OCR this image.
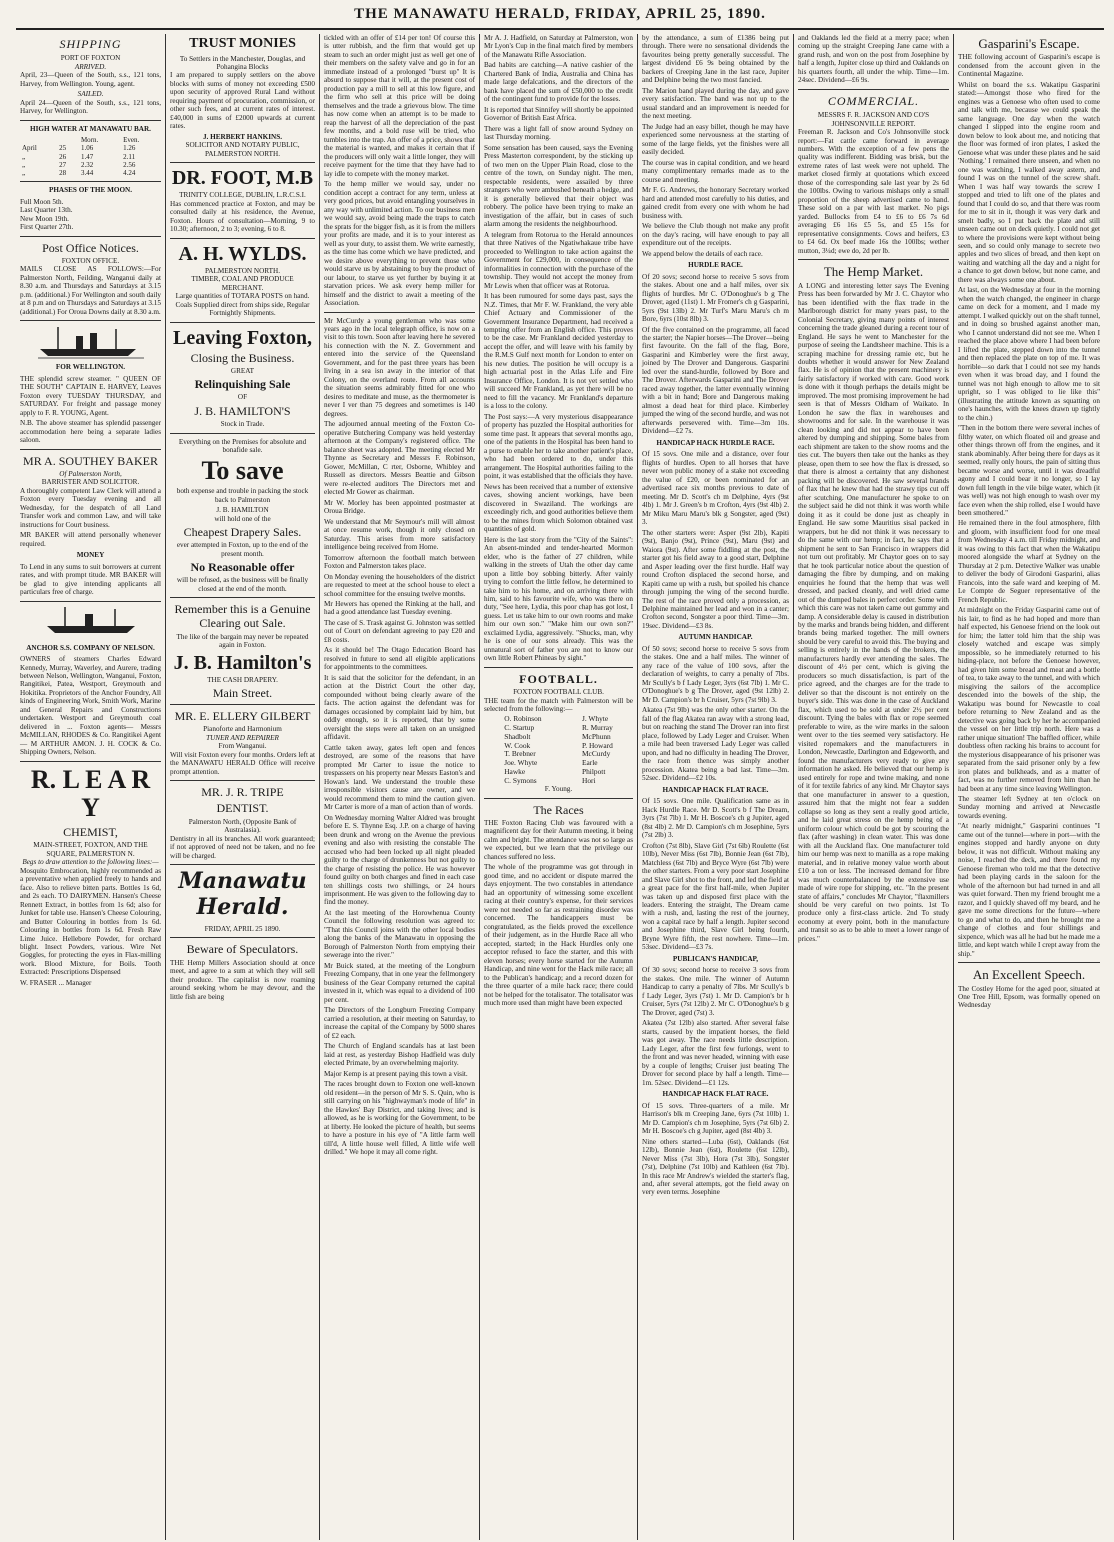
THE MANAWATU HERALD, FRIDAY, APRIL 25, 1890.
SHIPPING
PORT OF FOXTON
ARRIVED.

April, 23—Queen of the South, s.s., 121 tons, Harvey, from Wellington. Young, agent.

SAILED.

April 24—Queen of the South, s.s., 121 tons, Harvey, for Wellington.

HIGH WATER AT MANAWATU BAR.
		Morn.	Even.
April	25	1.06	1.26
„	26	1.47	2.11
„	27	2.32	2.56
„	28	3.44	4.24
PHASES OF THE MOON.
Full Moon 5th.
Last Quarter 13th.
New Moon 19th.
First Quarter 27th.
Post Office Notices.
FOXTON OFFICE.

MAILS CLOSE AS FOLLOWS:—For Palmerston North, Feilding, Wanganui daily at 8.30 a.m. and Thursdays and Saturdays at 3.15 p.m. (additional.) For Wellington and south daily at 8 p.m and on Thursdays and Saturdays at 3.15 (additional.) For Oroua Downs daily at 8.30 a.m.

FOR WELLINGTON.

THE splendid screw steamer. " QUEEN OF THE SOUTH" CAPTAIN E. HARVEY, Leaves Foxton every TUESDAY THURSDAY, and SATURDAY. For freight and passage money apply to F. R. YOUNG, Agent.

N.B. The above steamer has splendid passenger accommodation here being a separate ladies saloon.

MR A. SOUTHEY BAKER
Of Palmerston North,
BARRISTER AND SOLICITOR.

A thoroughly competent Law Clerk will attend a Foxton every Tuesday evening and all Wednesday, for the despatch of all Land Transfer work and common Law, and will take instructions for Court business.

MR BAKER will attend personally whenever required.

MONEY

To Lend in any sums to suit borrowers at current rates, and with prompt titude. MR BAKER will be glad to give intending applicants all particulars free of charge.

ANCHOR S.S. COMPANY OF NELSON.

OWNERS of steamers Charles Edward Kennedy, Murray, Waverley, and Aurere, trading between Nelson, Wellington, Wanganui, Foxton, Rangitikei, Patea, Westport, Greymouth and Hokitika. Proprietors of the Anchor Foundry, All kinds of Engineering Work, Smith Work, Marine and General Repairs and Constructions undertaken. Westport and Greymouth coal delivered in ... Foxton agents— Messrs McMILLAN, RHODES & Co. Rangitikei Agent— M ARTHUR AMON. J. H. COCK & Co. Shipping Owners, Nelson.

R. L E A R Y
CHEMIST,
MAIN-STREET, FOXTON, AND THE SQUARE, PALMERSTON N.
Begs to draw attention to the following lines:—

Mosquito Embrocation, highly recommended as a preventative when applied freely to hands and face. Also to relieve bitten parts. Bottles 1s 6d, and 2s each. TO DAIRYMEN. Hansen's Cheese Rennett Extract, in bottles from 1s 6d; also for Junket for table use. Hansen's Cheese Colouring, and Butter Colouring in bottles from 1s 6d. Colouring in bottles from 1s 6d. Fresh Raw Lime Juice. Hellebore Powder, for orchard blight. Insect Powders, various. Wire Net Goggles, for protecting the eyes in Flax-milling work. Blood Mixture, for Boils. Tooth Extracted: Prescriptions Dispensed

W. FRASER ... Manager
TRUST MONIES
To Settlers in the Manchester, Douglas, and Pohangina Blocks

I am prepared to supply settlers on the above blocks with sums of money not exceeding £500 upon security of approved Rural Land without requiring payment of procuration, commission, or other such fees, and at current rates of interest. £40,000 in sums of £2000 upwards at current rates.

J. HERBERT HANKINS.
SOLICITOR AND NOTARY PUBLIC, PALMERSTON NORTH.
DR. FOOT, M.B
TRINITY COLLEGE, DUBLIN, L.R.C.S.I.

Has commenced practice at Foxton, and may be consulted daily at his residence, the Avenue, Foxton. Hours of consultation—Morning, 9 to 10.30; afternoon, 2 to 3; evening, 6 to 8.

A. H. WYLDS.
PALMERSTON NORTH.
TIMBER, COAL AND PRODUCE MERCHANT.

Large quantities of TOTARA POSTS on hand. Coals Supplied direct from ships side, Regular Fortnightly Shipments.

Leaving Foxton,
Closing the Business.
GREAT
Relinquishing Sale
OF
J. B. HAMILTON'S
Stock in Trade.

Everything on the Premises for absolute and bonafide sale.

To save

both expense and trouble in packing the stock back to Palmerston

J. B. HAMILTON
will hold one of the
Cheapest Drapery Sales.

ever attempted in Foxton, up to the end of the present month.

No Reasonable offer

will be refused, as the business will be finally closed at the end of the month.

Remember this is a Genuine Clearing out Sale.

The like of the bargain may never be repeated again in Foxton.

J. B. Hamilton's
THE CASH DRAPERY.
Main Street.
MR. E. ELLERY GILBERT
Pianoforte and Harmonium
TUNER AND REPAIRER
From Wanganui.

Will visit Foxton every four months. Orders left at the MANAWATU HERALD Office will receive prompt attention.

MR. J. R. TRIPE
DENTIST.
Palmerston North, (Opposite Bank of Australasia).

Dentistry in all its branches. All work guaranteed; if not approved of need not be taken, and no fee will be charged.

Manawatu Herald.
FRIDAY, APRIL 25 1890.
Beware of Speculators.

THE Hemp Millers Association should at once meet, and agree to a sum at which they will sell their produce. The capitalist is now roaming around seeking whom he may devour, and the little fish are being

tickled with an offer of £14 per ton! Of course this is utter rubbish, and the firm that would get up steam to such an order might just as well get one of their members on the safety valve and go in for an immediate instead of a prolonged "burst up" It is absurd to suppose that it will, at the present cost of production pay a mill to sell at this low figure, and the firm who sell at this price will be doing themselves and the trade a grievous blow. The time has now come when an attempt is to be made to reap the harvest of all the depreciation of the past few months, and a bold ruse will be tried, who tumbles into the trap. An offer of a price, shows that the material is wanted, and makes it certain that if the producers will only wait a little longer, they will receive payment for the time that they have had to lay idle to compete with the money market.

To the hemp miller we would say, under no condition accept a contract for any term, unless at very good prices, but avoid entangling yourselves in any way with unlimited action. To our business men we would say, avoid being made the traps to catch the sprats for the bigger fish, as it is from the millers your profits are made, and it is to your interest as well as your duty, to assist them. We write earnestly, as the time has come which we have predicted, and we desire above everything to prevent those who would starve us by abstaining to buy the product of our labour, to starve us yet further by buying it at starvation prices. We ask every hemp miller for himself and the district to await a meeting of the Association.

Mr McCurdy a young gentleman who was some years ago in the local telegraph office, is now on a visit to this town. Soon after leaving here he severed his connection with the N. Z. Government and entered into the service of the Queensland Government, and for the past three years has been living in a sea isn away in the interior of that Colony, on the overland route. From all accounts the situation seems admirably fitted for one who desires to meditate and muse, as the thermometer is never I ver than 75 degrees and sometimes is 140 degrees.

The adjourned annual meeting of the Foxton Co-operative Butchering Company was held yesterday afternoon at the Company's registered office. The balance sheet was adopted. The meeting elected Mr Thynne as Secretary and Messrs F. Robinson, Gower, McMillan, C rter, Osborne, Whibley and Russell as directors. Messrs Beattie and Gibson were re-elected auditors The Directors met and elected Mr Gower as chairman.

Mr W. Morley has been appointed postmaster at Oroua Bridge.

We understand that Mr Seymour's mill will almost at once resume work, though it only closed on Saturday. This arises from more satisfactory intelligence being received from Home.

Tomorrow afternoon the football match between Foxton and Palmerston takes place.

On Monday evening the householders of the district are requested to meet at the school house to elect a school committee for the ensuing twelve months.

Mr Hewers has opened the Rinking at the hall, and had a good attendance last Tuesday evening.

The case of S. Trask against G. Johnston was settled out of Court on defendant agreeing to pay £20 and £8 costs.

As it should be! The Otago Education Board has resolved in future to send all eligible applications for appointments to the committees.

It is said that the solicitor for the defendant, in an action at the District Court the other day, compounded without being clearly aware of the facts. The action against the defendant was for damages occasioned by complaint laid by him, but oddly enough, so it is reported, that by some oversight the steps were all taken on an unsigned affidavit.

Cattle taken away, gates left open and fences destroyed, are some of the reasons that have prompted Mr Carter to issue the notice to trespassers on his property near Messrs Easton's and Howan's land. We understand the trouble these irresponsible visitors cause are owner, and we would recommend them to mind the caution given. Mr Carter is more of a man of action than of words.

On Wednesday morning Walter Aldred was brought before E. S. Thynne Esq. J.P. on a charge of having been drunk and wrong on the Avenue the previous evening and also with resisting the constable The accused who had been locked up all night pleaded guilty to the charge of drunkenness but not guilty to the charge of resisting the police. He was however found guilty on both charges and fined in each case ten shillings costs two shillings, or 24 hours imprisonment. He was given to the following day to find the money.

At the last meeting of the Horowhenua County Council the following resolution was agreed to: "That this Council joins with the other local bodies along the banks of the Manawatu in opposing the Borough of Palmerston North from emptying their sewerage into the river."

Mr Buick stated, at the meeting of the Longburn Freezing Company, that in one year the fellmongery business of the Gear Company returned the capital invested in it, which was equal to a dividend of 100 per cent.

The Directors of the Longburn Freezing Company carried a resolution, at their meeting on Saturday, to increase the capital of the Company by 5000 shares of £2 each.

The Church of England scandals has at last been laid at rest, as yesterday Bishop Hadfield was duly elected Primate, by an overwhelming majority.

Major Kemp is at present paying this town a visit.

The races brought down to Foxton one well-known old resident—in the person of Mr S. S. Quin, who is still carrying on his "highwayman's mode of life" in the Hawkes' Bay District, and taking lives; and is allowed, as he is working for the Government, to be at liberty. He looked the picture of health, but seems to have a posture in his eye of "A little farm well till'd, A little house well filled, A little wife well drilled." We hope it may all come right.

Mr A. J. Hadfield, on Saturday at Palmerston, won Mr Lyon's Cup in the final match fired by members of the Manawatu Rifle Association.

Bad habits are catching—A native cashier of the Chartered Bank of India, Australia and China has made large defalcations, and the directors of the bank have placed the sum of £50,000 to the credit of the contingent fund to provide for the losses.

It is reported that Sinnifey will shortly be appointed Governor of British East Africa.

There was a light fall of snow around Sydney on last Thursday morning.

Some sensation has been caused, says the Evening Press Masterton correspondent, by the sticking up of two men on the Upper Plain Road, close to the centre of the town, on Sunday night. The men, respectable residents, were assailed by three strangers who were ambushed beneath a hedge, and it is generally believed that their object was robbery. The police have been trying to make an investigation of the affair, but in cases of such alarm among the residents the neighbourhood.

A telegram from Rotorua to the Herald announces that three Natives of the Ngatiwhakaue tribe have proceeded to Wellington to take action against the Government for £29,000, in consequence of the informalities in connection with the purchase of the township. They would not accept the money from Mr Lewis when that officer was at Rotorua.

It has been rumoured for some days past, says the N.Z. Times, that Mr F. W. Frankland, the very able Chief Actuary and Commissioner of the Government Insurance Department, had received a tempting offer from an English office. This proves to be the case. Mr Frankland decided yesterday to accept the offer, and will leave with his family by the R.M.S Gulf next month for London to enter on his new duties. The position he will occupy is a high actuarial post in the Atlas Life and Fire Insurance Office, London. It is not yet settled who will succeed Mr Frankland, as yet there will be no need to fill the vacancy. Mr Frankland's departure is a loss to the colony.

The Post says:—A very mysterious disappearance of property has puzzled the Hospital authorities for some time past. It appears that several months ago, one of the patients in the Hospital has been hand to a purse to enable her to take another patient's place, who had been ordered to do, under this arrangement. The Hospital authorities failing to the point, it was established that the officials they have.

News has been received that a number of extensive caves, showing ancient workings, have been discovered in Swaziland. The workings are exceedingly rich, and good authorities believe them to be the mines from which Solomon obtained vast quantities of gold.

Here is the last story from the "City of the Saints": An absent-minded and tender-hearted Mormon elder, who is the father of 27 children, while walking in the streets of Utah the other day came upon a little boy sobbing bitterly. After vainly trying to comfort the little fellow, he determined to take him to his home, and on arriving there with him, said to his favourite wife, who was there on duty, "See here, Lydia, this poor chap has got lost, I guess. Let us take him to our own rooms and make him our own son." "Make him our own son?" exclaimed Lydia, aggressively. "Shucks, man, why he is one of our sons already. This was the unnatural sort of father you are not to know our own little Robert Phineas by sight."

FOOTBALL.
FOXTON FOOTBALL CLUB.

THE team for the match with Palmerston will be selected from the following:—

O. Robinson
C. Startup
Shadbolt
W. Cook
T. Brebner
Joe. Whyte
Hawke
C. Symons
J. Whyte
R. Murray
McPhunn
P. Howard
McCurdy
Earle
Philpott
Hori
F. Young.
The Races

THE Foxton Racing Club was favoured with a magnificent day for their Autumn meeting, it being calm and bright. The attendance was not so large as we expected, but we learn that the privilege our chances suffered no less.

The whole of the programme was got through in good time, and no accident or dispute marred the days enjoyment. The two constables in attendance had an opportunity of witnessing some excellent racing at their country's expense, for their services were not needed so far as restraining disorder was concerned. The handicappers must be congratulated, as the fields proved the excellence of their judgement, as in the Hurdle Race all who accepted, started; in the Hack Hurdles only one acceptor refused to face the starter, and this with eleven horses; every horse started for the Autumn Handicap, and nine went for the Hack mile race; all to the Publican's handicap; and a record dozen for the three quarter of a mile hack race; there could not be helped for the totalisator. The totalisator was much more used than might have been expected

by the attendance, a sum of £1386 being put through. There were no sensational dividends the favourites being pretty generally successful. The largest dividend £6 9s being obtained by the backers of Creeping Jane in the last race, Jupiter and Delphine being the two most fancied.

The Marion band played during the day, and gave every satisfaction. The band was not up to the usual standard and an improvement is needed for the next meeting.

The Judge had an easy billet, though he may have experienced some nervousness at the starting of some of the large fields, yet the finishes were all easily decided.

The course was in capital condition, and we heard many complimentary remarks made as to the course and meeting.

Mr F. G. Andrews, the honorary Secretary worked hard and attended most carefully to his duties, and gained credit from every one with whom he had business with.

We believe the Club though not make any profit on the day's racing, will have enough to pay all expenditure out of the receipts.

We append below the details of each race.

HURDLE RACE.

Of 20 sovs; second horse to receive 5 sovs from the stakes. About one and a half miles, over six flights of hurdles. Mr C. O'Donoghue's b g The Drover, aged (11st) 1. Mr Fromer's ch g Gasparini, 5yrs (9st 13lb) 2. Mr Turf's Maru Maru's ch m Bore, 6yrs (10st 8lb) 3.

Of the five contained on the programme, all faced the starter; the Napier horses—The Drover—being first favourite. On the fall of the flag, Bore, Gasparini and Kimberley were the first away, joined by The Drover and Dangerous. Gasparini led over the stand-hurdle, followed by Bore and The Drover. Afterwards Gasparini and The Drover raced away together, the latter eventually winning with a bit in hand; Bore and Dangerous making almost a dead heat for third place. Kimberley jumped the wing of the second hurdle, and was not afterwards persevered with. Time—3m 10s. Dividend—£2 7s.

HANDICAP HACK HURDLE RACE.

Of 15 sovs. One mile and a distance, over four flights of hurdles. Open to all horses that have never won public money of a stake not exceeding the value of £20, or been nominated for an advertised race six months previous to date of meeting. Mr D. Scott's ch m Delphine, 4yrs (9st 4lb) 1. Mr J. Green's b m Crofton, 4yrs (9st 4lb) 2. Mr Miku Maru Maru's blk g Songster, aged (9st) 3.

The other starters were: Asper (9st 2lb), Kapiti (9st), Banjo (9st), Prince (9st), Maru (9st) and Waiora (9st). After some fiddling at the post, the starter got his field away to a good start, Delphine and Asper leading over the first hurdle. Half way round Crofton displaced the second horse, and Kapiti came up with a rush, but spoiled his chance through jumping the wing of the second hurdle. The rest of the race proved only a procession, as Delphine maintained her lead and won in a canter; Crofton second, Songster a poor third. Time—3m. 19sec. Dividend—£3 8s.

AUTUMN HANDICAP.

Of 50 sovs; second horse to receive 5 sovs from the stakes. One and a half miles. The winner of any race of the value of 100 sovs, after the declaration of weights, to carry a penalty of 7lbs. Mr Scully's b f Lady Leger, 3yrs (6st 7lb) 1. Mr C. O'Donoghue's b g The Drover, aged (9st 12lb) 2. Mr D. Campion's br h Cruiser, 5yrs (7st 9lb) 3.

Akatea (7st 9lb) was the only other starter. On the fall of the flag Akatea ran away with a strong lead, but on reaching the stand The Drover ran into first place, followed by Lady Leger and Cruiser. When a mile had been traversed Lady Leger was called upon, and had no difficulty in heading The Drover, the race from thence was simply another procession. Akatea being a bad last. Time—3m. 52sec. Dividend—£2 10s.

HANDICAP HACK FLAT RACE.

Of 15 sovs. One mile. Qualification same as in Hack Hurdle Race. Mr D. Scott's b f The Dream, 3yrs (7st 7lb) 1. Mr H. Boscoe's ch g Jupiter, aged (8st 4lb) 2. Mr D. Campion's ch m Josephine, 5yrs (7st 2lb) 3.

Crofton (7st 8lb), Slave Girl (7st 6lb) Roulette (6st 10lb), Never Miss (6st 7lb), Bonnie Jean (6st 7lb), Matchless (6st 7lb) and Bryce Wyre (6st 7lb) were the other starters. From a very poor start Josephine and Slave Girl shot to the front, and led the field at a great pace for the first half-mile, when Jupiter was taken up and disposed first place with the leaders. Entering the straight, The Dream came with a rush, and, lasting the rest of the journey, won a capital race by half a length. Jupiter second and Josephine third, Slave Girl being fourth, Bryne Wyre fifth, the rest nowhere. Time—1m. 53sec. Dividend—£3 7s.

PUBLICAN'S HANDICAP,

Of 30 sovs; second horse to receive 3 sovs from the stakes. One mile. The winner of Autumn Handicap to carry a penalty of 7lbs. Mr Scully's b f Lady Leger, 3yrs (7st) 1. Mr D. Campion's br h Cruiser, 5yrs (7st 12lb) 2. Mr C. O'Donoghue's b g The Drover, aged (7st) 3.

Akatea (7st 12lb) also started. After several false starts, caused by the impatient horses, the field was got away. The race needs little description. Lady Leger, after the first few furlongs, went to the front and was never headed, winning with ease by a couple of lengths; Cruiser just beating The Drover for second place by half a length. Time—1m. 52sec. Dividend—£1 12s.

HANDICAP HACK FLAT RACE.

Of 15 sovs. Three-quarters of a mile. Mr Harrison's blk m Creeping Jane, 6yrs (7st 10lb) 1. Mr D. Campion's ch m Josephine, 5yrs (7st 6lb) 2. Mr H. Boscoe's ch g Jupiter, aged (8st 4lb) 3.

Nine others started—Luba (6st), Oaklands (6st 12lb), Bonnie Jean (6st), Roulette (6st 12lb), Never Miss (7st 3lb), Hora (7st 3lb), Songster (7st), Delphine (7st 10lb) and Kathleen (6st 7lb). In this race Mr Andrew's wielded the starter's flag, and, after several attempts, got the field away on very even terms. Josephine

and Oaklands led the field at a merry pace; when coming up the straight Creeping Jane came with a grand rush, and won on the post from Josephine by half a length, Jupiter close up third and Oaklands on his quarters fourth, all under the whip. Time—1m. 24sec. Dividend—£6 9s.

COMMERCIAL.
MESSRS F. R. JACKSON AND CO'S JOHNSONVILLE REPORT.

Freeman R. Jackson and Co's Johnsonville stock report:—Fat cattle came forward in average numbers. With the exception of a few pens the quality was indifferent. Bidding was brisk, but the extreme rates of last week were not upheld. The market closed firmly at quotations which exceed those of the corresponding sale last year by 2s 6d the 100lbs. Owing to various mishaps only a small proportion of the sheep advertised came to hand. These sold on a par with last market. No pigs yarded. Bullocks from £4 to £6 to £6 7s 6d averaging £6 16s £5 5s, and £5 15s for representative consignments. Cows and heifers, £3 to £4 6d. Ox beef made 16s the 100lbs; wether mutton, 3¼d; ewe do, 2d per lb.

The Hemp Market.

A LONG and interesting letter says The Evening Press has been forwarded by Mr J. C. Chaytor who has been identified with the flax trade in the Marlborough district for many years past, to the Colonial Secretary, giving many points of interest concerning the trade gleaned during a recent tour of England. He says he went to Manchester for the purpose of seeing the Landtsheer machine. This is a scraping machine for dressing ramie etc, but he doubts whether it would answer for New Zealand flax. He is of opinion that the present machinery is fairly satisfactory if worked with care. Good work is done with it though perhaps the details might be improved. The most promising improvement he had seen is that of Messrs Oldham of Waikato. In London he saw the flax in warehouses and showrooms and for sale. In the warehouse it was clean looking and did not appear to have been altered by dumping and shipping. Some bales from each shipment are taken to the show rooms and the ties cut. The buyers then take out the hanks as they please, open them to see how the flax is dressed, so that there is almost a certainty that any dishonest packing will be discovered. He saw several brands of flax that he knew that had the strawy tips cut off after scutching. One manufacturer he spoke to on the subject said he did not think it was worth while doing it as it could be done just as cheaply in England. He saw some Mauritius sisal packed in wrappers, but he did not think it was necessary to do the same with our hemp; in fact, he says that a shipment he sent to San Francisco in wrappers did not turn out profitably. Mr Chaytor goes on to say that he took particular notice about the question of damaging the fibre by dumping, and on making enquiries he found that the hemp that was well dressed, and packed cleanly, and well dried came out of the dumped bales in perfect order. Some with which this care was not taken came out gummy and damp. A considerable delay is caused in distribution by the marks and brands being hidden, and different brands being marked together. The mill owners should be very careful to avoid this. The buying and selling is entirely in the hands of the brokers, the manufacturers hardly ever attending the sales. The discount of 4½ per cent, which is giving the producers so much dissatisfaction, is part of the price agreed, and the charges are for the trade to deliver so that the discount is not entirely on the buyer's side. This was done in the case of Auckland flax, which used to be sold at under 2½ per cent discount. Tying the bales with flax or rope seemed preferable to wire, as the wire marks in the saloon went over to the ties seemed very satisfactory. He visited ropemakers and the manufacturers in London, Newcastle, Darlington and Edgeworth, and found the manufacturers very ready to give any information he asked. He believed that our hemp is used entirely for rope and twine making, and none of it for textile fabrics of any kind. Mr Chaytor says that one manufacturer in answer to a question, assured him that the might not fear a sudden collapse so long as they sent a really good article, and he laid great stress on the hemp being of a uniform colour which could be got by scouring the flax (after washing) in clean water. This was done with all the Auckland flax. One manufacturer told him our hemp was next to manilla as a rope making material, and in relative money value worth about £10 a ton or less. The increased demand for fibre was much counterbalanced by the extensive use made of wire rope for shipping, etc. "In the present state of affairs," concludes Mr Chaytor, "flaxmillers should be very careful on two points. 1st To produce only a first-class article. 2nd To study economy at every point, both in the manufacture and transit so as to be able to meet a lower range of prices."

Gasparini's Escape.

THE following account of Gasparini's escape is condensed from the account given in the Continental Magazine.

Whilst on board the s.s. Wakatipu Gasparini stated:—Amongst those who fired for the engines was a Genoese who often used to come and talk with me, because we could speak the same language. One day when the watch changed I slipped into the engine room and down below to look about me, and noticing that the floor was formed of iron plates, I asked the Genoese what was under these plates and he said 'Nothing.' I remained there unseen, and when no one was watching, I walked away astern, and found I was on the tunnel of the screw shaft. When I was half way towards the screw I stopped and tried to lift one of the plates and found that I could do so, and that there was room for me to sit in it, though it was very dark and smelt badly, so I put back the plate and still unseen came out on deck quietly. I could not get to where the provisions were kept without being seen, and so could only manage to secrete two apples and two slices of bread, and then kept on waiting and watching all the day and a night for a chance to get down below, but none came, and there was always some one about.

At last, on the Wednesday at four in the morning when the watch changed, the engineer in charge came on deck for a moment, and I made my attempt. I walked quickly out on the shaft tunnel, and in doing so brushed against another man, who I cannot understand did not see me. When I reached the place above where I had been before I lifted the plate, stepped down into the tunnel and then replaced the plate on top of me. It was horrible—so dark that I could not see my hands even when it was broad day, and I found the tunnel was not high enough to allow me to sit upright, so I was obliged to lie like this" (illustrating the attitude known as squatting on one's haunches, with the knees drawn up tightly to the chin.)

"Then in the bottom there were several inches of filthy water, on which floated oil and grease and other things thrown off from the engines, and it stank abominably. After being there for days as it seemed, really only hours, the pain of sitting thus became worse and worse, until it was dreadful agony and I could bear it no longer, so I lay down full length in the vile bilge water, which (it was well) was not high enough to wash over my face even when the ship rolled, else I would have been smothered."

He remained there in the foul atmosphere, filth and gloom, with insufficient food for one meal from Wednesday 4 a.m. till Friday midnight, and it was owing to this fact that when the Wakatipu moored alongside the wharf at Sydney on the Thursday at 2 p.m. Detective Walker was unable to deliver the body of Girodoni Gasparini, alias Francois, into the safe ward and keeping of M. Le Compte de Seguer representative of the French Republic.

At midnight on the Friday Gasparini came out of his lair, to find as he had hoped and more than half expected, his Genoese friend on the look out for him; the latter told him that the ship was closely watched and escape was simply impossible, so he immediately returned to his hiding-place, not before the Genoese however, had given him some bread and meat and a bottle of tea, to take away to the tunnel, and with which misgiving the sailors of the accomplice descended into the bowels of the ship, the Wakatipu was bound for Newcastle to coal before returning to New Zealand and as the detective was going back by her he accompanied the vessel on her little trip north. Here was a rather unique situation! The baffled officer, while doubtless often racking his brains to account for the mysterious disappearance of his prisoner was separated from the said prisoner only by a few iron plates and bulkheads, and as a matter of fact, was no further removed from him than he had been at any time since leaving Wellington.

The steamer left Sydney at ten o'clock on Sunday morning and arrived at Newcastle towards evening.

"At nearly midnight," Gasparini continues "I came out of the tunnel—where in port—with the engines stopped and hardly anyone on duty below, it was not difficult. Without making any noise, I reached the deck, and there found my Genoese fireman who told me that the detective had been playing cards in the saloon for the whole of the afternoon but had turned in and all was quiet forward. Then my friend brought me a razor, and I quickly shaved off my beard, and he gave me some directions for the future—where to go and what to do, and then he brought me a change of clothes and four shillings and sixpence, which was all he had but he made me a little, and kept watch while I crept away from the ship."

An Excellent Speech.

The Costley Home for the aged poor, situated at One Tree Hill, Epsom, was formally opened on Wednesday
